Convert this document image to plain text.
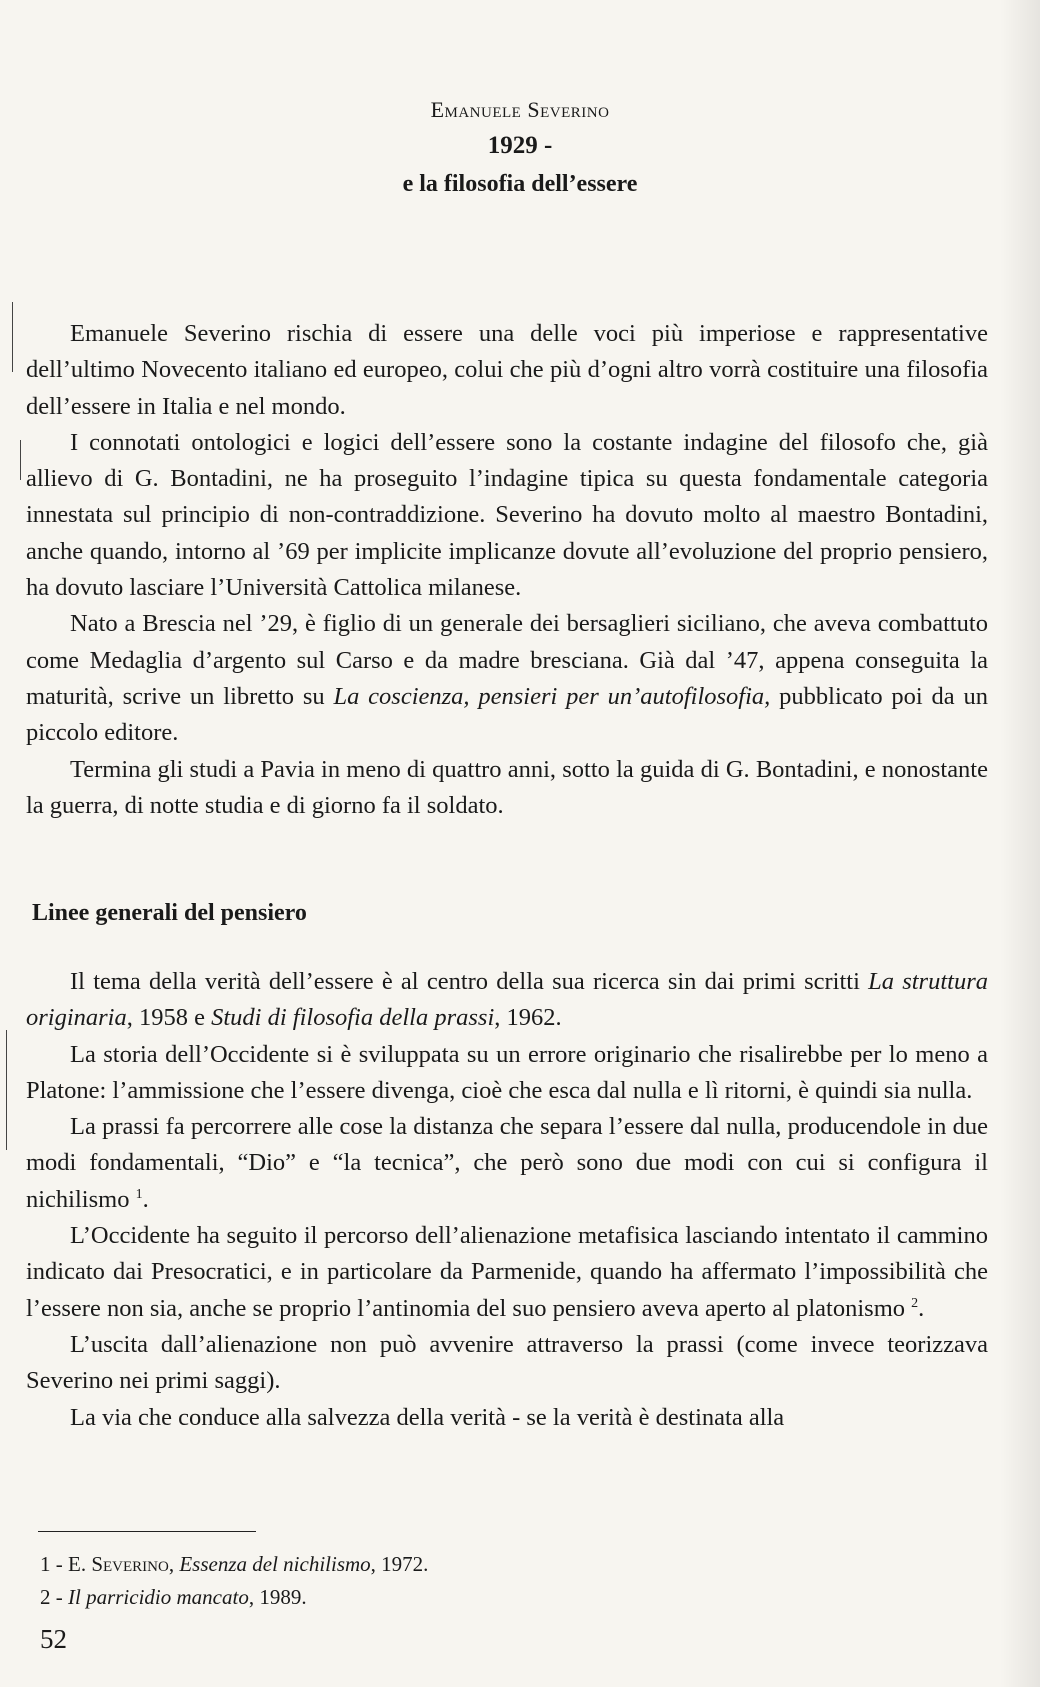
Emanuele Severino
1929 -
e la filosofia dell’essere

Emanuele Severino rischia di essere una delle voci più imperiose e rappresentative dell’ultimo Novecento italiano ed europeo, colui che più d’ogni altro vorrà costituire una filosofia dell’essere in Italia e nel mondo.

I connotati ontologici e logici dell’essere sono la costante indagine del filosofo che, già allievo di G. Bontadini, ne ha proseguito l’indagine tipica su questa fondamentale categoria innestata sul principio di non-contraddizione. Severino ha dovuto molto al maestro Bontadini, anche quando, intorno al ’69 per implicite implicanze dovute all’evoluzione del proprio pensiero, ha dovuto lasciare l’Università Cattolica milanese.

Nato a Brescia nel ’29, è figlio di un generale dei bersaglieri siciliano, che aveva combattuto come Medaglia d’argento sul Carso e da madre bresciana. Già dal ’47, appena conseguita la maturità, scrive un libretto su La coscienza, pensieri per un’autofilosofia, pubblicato poi da un piccolo editore.

Termina gli studi a Pavia in meno di quattro anni, sotto la guida di G. Bontadini, e nonostante la guerra, di notte studia e di giorno fa il soldato.

Linee generali del pensiero

Il tema della verità dell’essere è al centro della sua ricerca sin dai primi scritti La struttura originaria, 1958 e Studi di filosofia della prassi, 1962.

La storia dell’Occidente si è sviluppata su un errore originario che risalirebbe per lo meno a Platone: l’ammissione che l’essere divenga, cioè che esca dal nulla e lì ritorni, è quindi sia nulla.

La prassi fa percorrere alle cose la distanza che separa l’essere dal nulla, producendole in due modi fondamentali, “Dio” e “la tecnica”, che però sono due modi con cui si configura il nichilismo $^1$.

L’Occidente ha seguito il percorso dell’alienazione metafisica lasciando intentato il cammino indicato dai Presocratici, e in particolare da Parmenide, quando ha affermato l’impossibilità che l’essere non sia, anche se proprio l’antinomia del suo pensiero aveva aperto al platonismo $^2$.

L’uscita dall’alienazione non può avvenire attraverso la prassi (come invece teorizzava Severino nei primi saggi).

La via che conduce alla salvezza della verità - se la verità è destinata alla

1 - E. Severino, Essenza del nichilismo, 1972.
2 - Il parricidio mancato, 1989.
52
